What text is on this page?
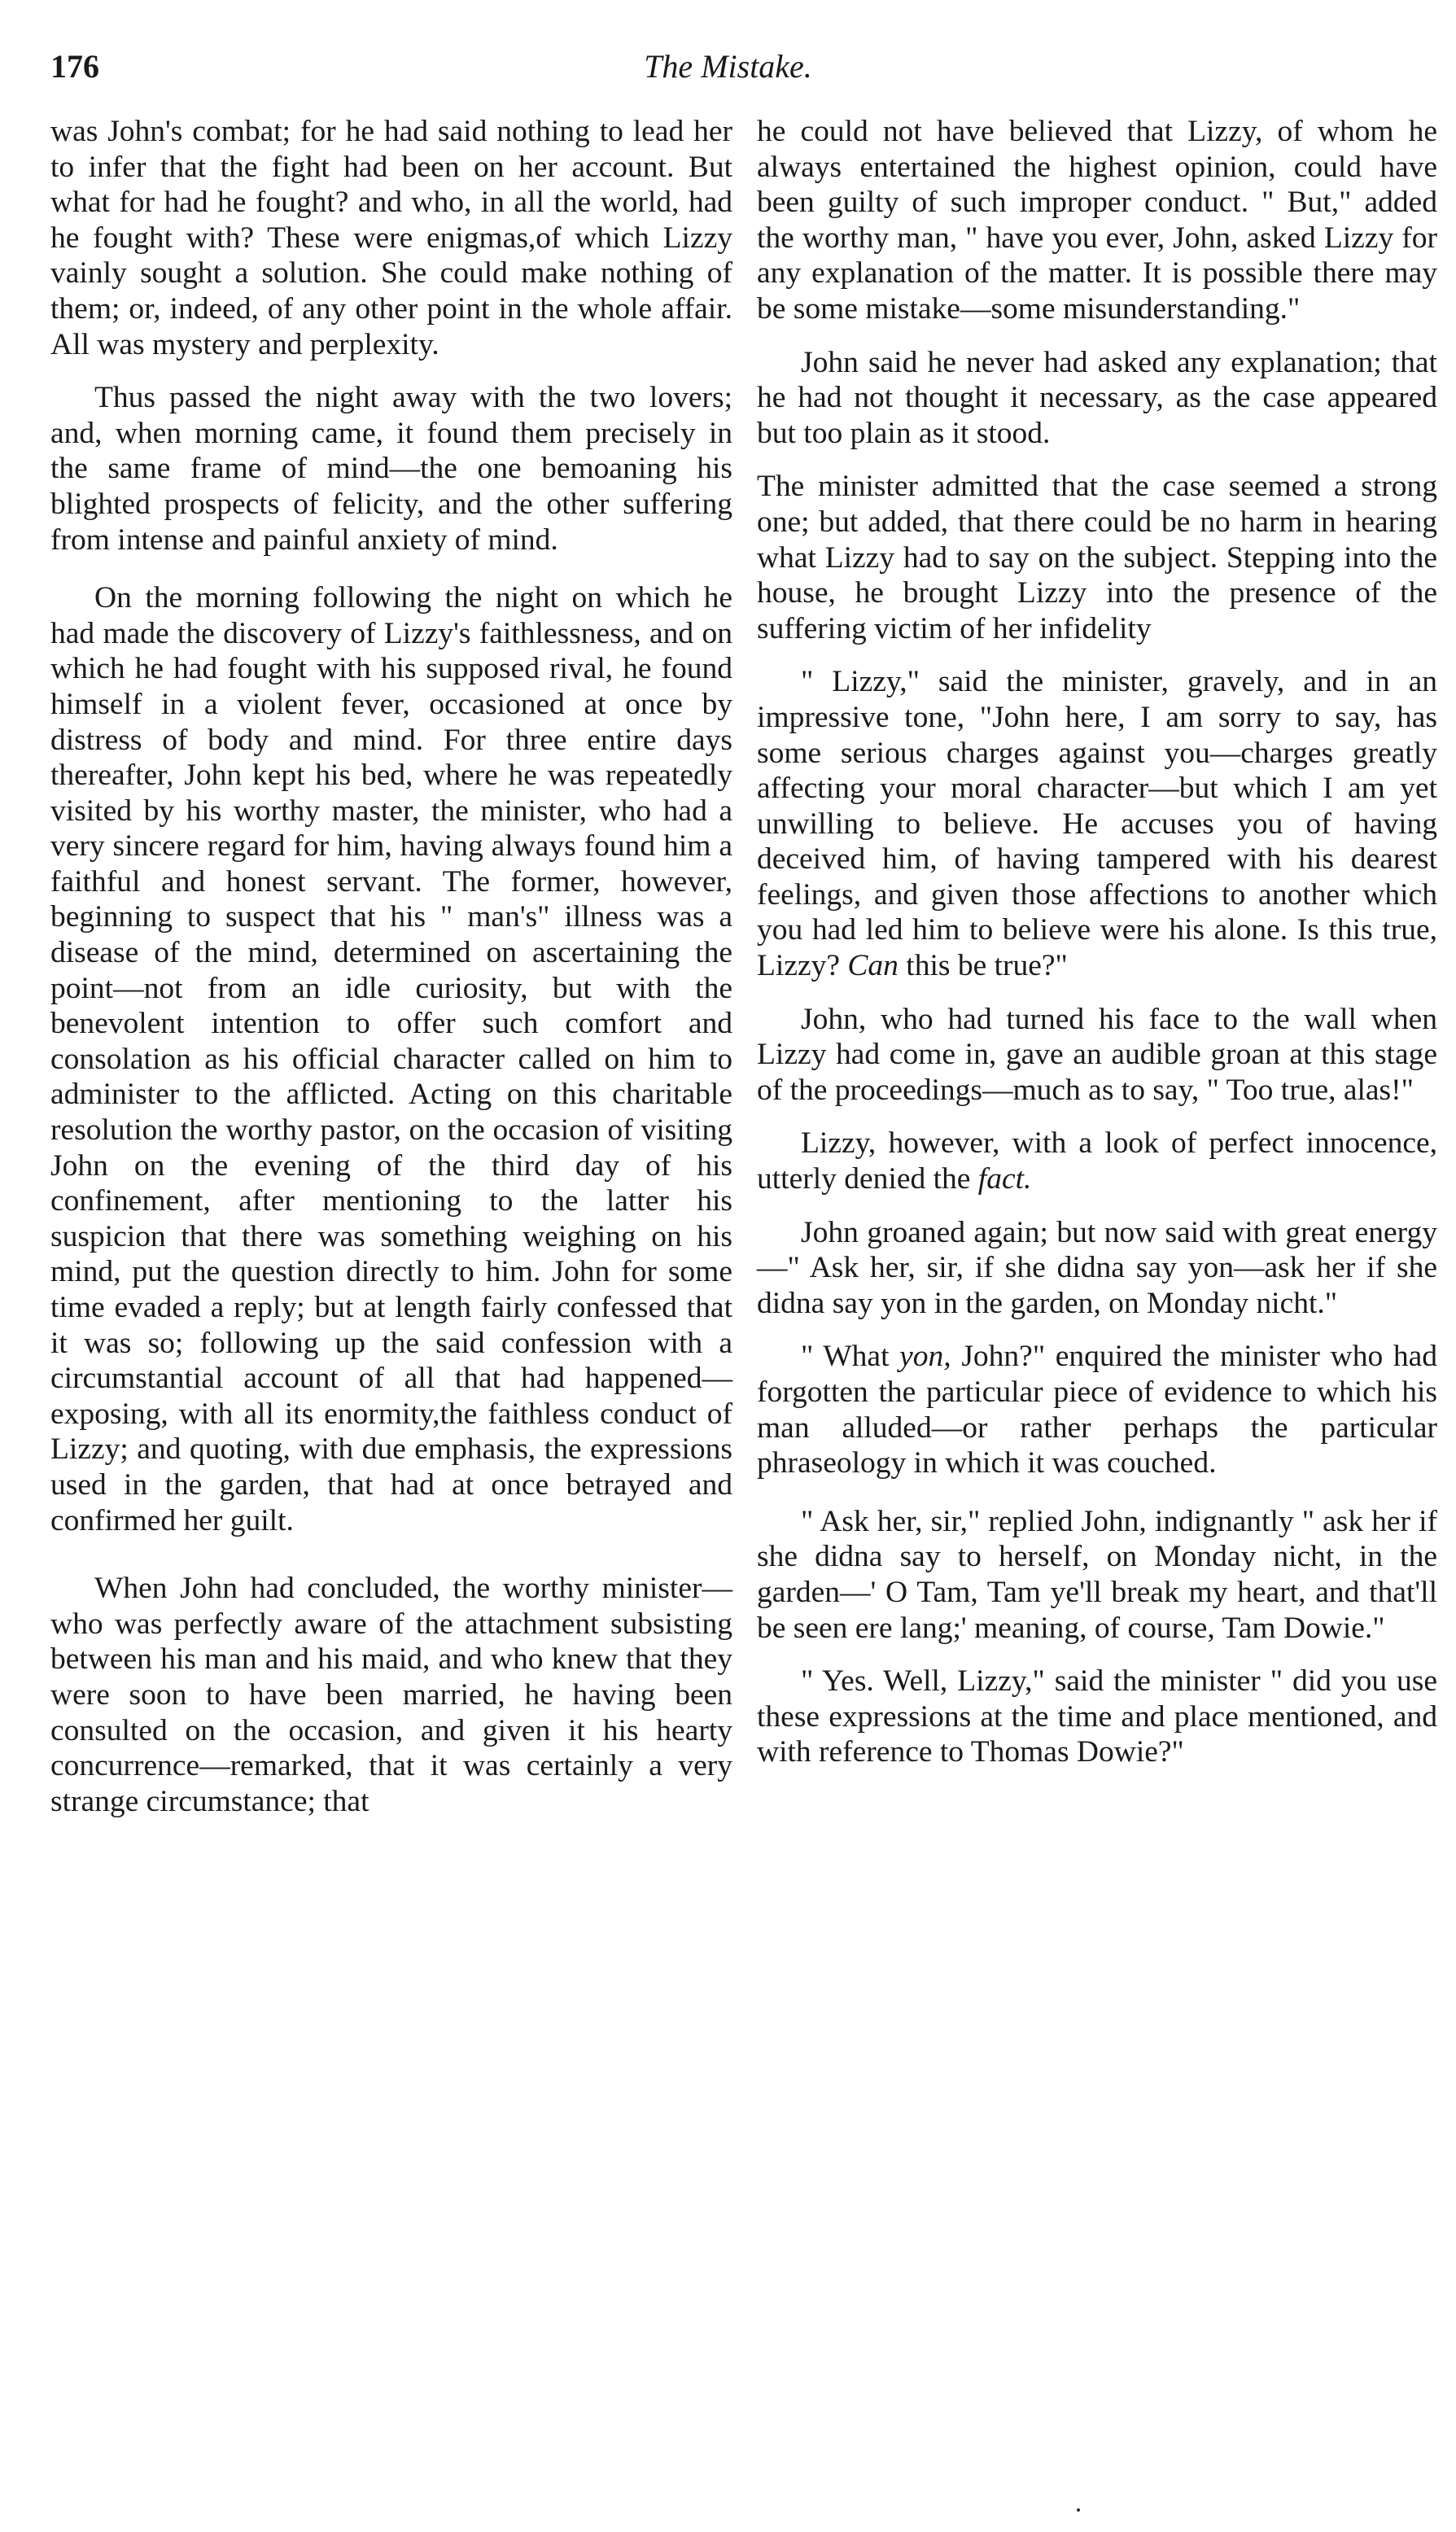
176	The Mistake.

was John's combat; for he had said nothing to lead her to infer that the fight had been on her account. But what for had he fought? and who, in all the world, had he fought with? These were enigmas,of which Lizzy vainly sought a solution. She could make nothing of them; or, indeed, of any other point in the whole affair. All was mystery and perplexity.

Thus passed the night away with the two lovers; and, when morning came, it found them precisely in the same frame of mind—the one bemoaning his blighted prospects of felicity, and the other suffering from intense and painful anxiety of mind.

On the morning following the night on which he had made the discovery of Lizzy's faithlessness, and on which he had fought with his supposed rival, he found himself in a violent fever, occasioned at once by distress of body and mind. For three entire days thereafter, John kept his bed, where he was repeatedly visited by his worthy master, the minister, who had a very sincere regard for him, having always found him a faithful and honest servant. The former, however, beginning to suspect that his " man's" illness was a disease of the mind, determined on ascertaining the point—not from an idle curiosity, but with the benevolent intention to offer such comfort and consolation as his official character called on him to administer to the afflicted. Acting on this charitable resolution the worthy pastor, on the occasion of visiting John on the evening of the third day of his confinement, after mentioning to the latter his suspicion that there was something weighing on his mind, put the question directly to him. John for some time evaded a reply; but at length fairly confessed that it was so; following up the said confession with a circumstantial account of all that had happened—exposing, with all its enormity,the faithless conduct of Lizzy; and quoting, with due emphasis, the expressions used in the garden, that had at once betrayed and confirmed her guilt.

When John had concluded, the worthy minister—who was perfectly aware of the attachment subsisting between his man and his maid, and who knew that they were soon to have been married, he having been consulted on the occasion, and given it his hearty concurrence—remarked, that it was certainly a very strange circumstance; that

he could not have believed that Lizzy, of whom he always entertained the highest opinion, could have been guilty of such improper conduct. " But," added the worthy man, " have you ever, John, asked Lizzy for any explanation of the matter. It is possible there may be some mistake—some misunderstanding."

John said he never had asked any explanation; that he had not thought it necessary, as the case appeared but too plain as it stood.

The minister admitted that the case seemed a strong one; but added, that there could be no harm in hearing what Lizzy had to say on the subject. Stepping into the house, he brought Lizzy into the presence of the suffering victim of her infidelity

" Lizzy," said the minister, gravely, and in an impressive tone, "John here, I am sorry to say, has some serious charges against you—charges greatly affecting your moral character—but which I am yet unwilling to believe. He accuses you of having deceived him, of having tampered with his dearest feelings, and given those affections to another which you had led him to believe were his alone. Is this true, Lizzy? Can this be true?"

John, who had turned his face to the wall when Lizzy had come in, gave an audible groan at this stage of the proceedings—much as to say, " Too true, alas!"

Lizzy, however, with a look of perfect innocence, utterly denied the fact.

John groaned again; but now said with great energy—" Ask her, sir, if she didna say yon—ask her if she didna say yon in the garden, on Monday nicht."

" What yon, John?" enquired the minister who had forgotten the particular piece of evidence to which his man alluded—or rather perhaps the particular phraseology in which it was couched.

" Ask her, sir," replied John, indignantly " ask her if she didna say to herself, on Monday nicht, in the garden—' O Tam, Tam ye'll break my heart, and that'll be seen ere lang;' meaning, of course, Tam Dowie."

" Yes. Well, Lizzy," said the minister " did you use these expressions at the time and place mentioned, and with reference to Thomas Dowie?"
